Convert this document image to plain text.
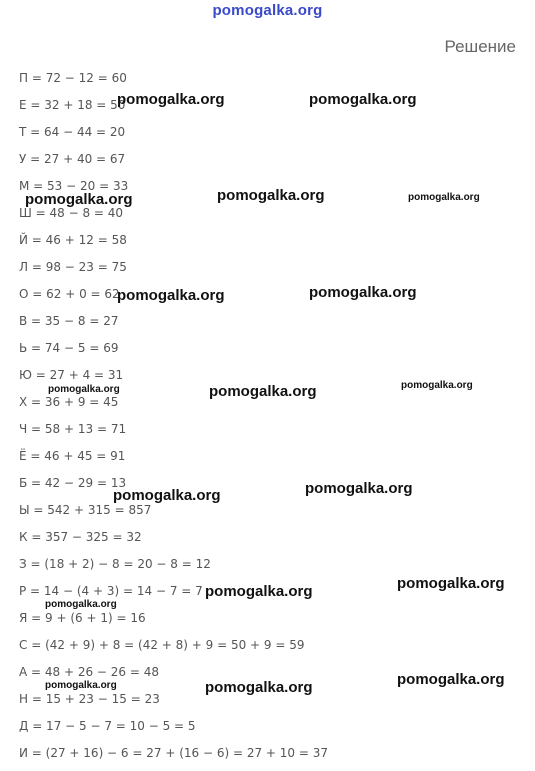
pomogalka.org
Решение
П = 72 − 12 = 60
Е = 32 + 18 = 50
Т = 64 − 44 = 20
У = 27 + 40 = 67
М = 53 − 20 = 33
Ш = 48 − 8 = 40
Й = 46 + 12 = 58
Л = 98 − 23 = 75
О = 62 + 0 = 62
В = 35 − 8 = 27
Ь = 74 − 5 = 69
Ю = 27 + 4 = 31
Х = 36 + 9 = 45
Ч = 58 + 13 = 71
Ё = 46 + 45 = 91
Б = 42 − 29 = 13
Ы = 542 + 315 = 857
К = 357 − 325 = 32
З = (18 + 2) − 8 = 20 − 8 = 12
Р = 14 − (4 + 3) = 14 − 7 = 7
Я = 9 + (6 + 1) = 16
С = (42 + 9) + 8 = (42 + 8) + 9 = 50 + 9 = 59
А = 48 + 26 − 26 = 48
Н = 15 + 23 − 15 = 23
Д = 17 − 5 − 7 = 10 − 5 = 5
И = (27 + 16) − 6 = 27 + (16 − 6) = 27 + 10 = 37
pomogalka.org	pomogalka.org
pomogalka.org	pomogalka.org	pomogalka.org
pomogalka.org	pomogalka.org
pomogalka.org	pomogalka.org	pomogalka.org
pomogalka.org	pomogalka.org
pomogalka.org	pomogalka.org
pomogalka.org
pomogalka.org	pomogalka.org	pomogalka.org
